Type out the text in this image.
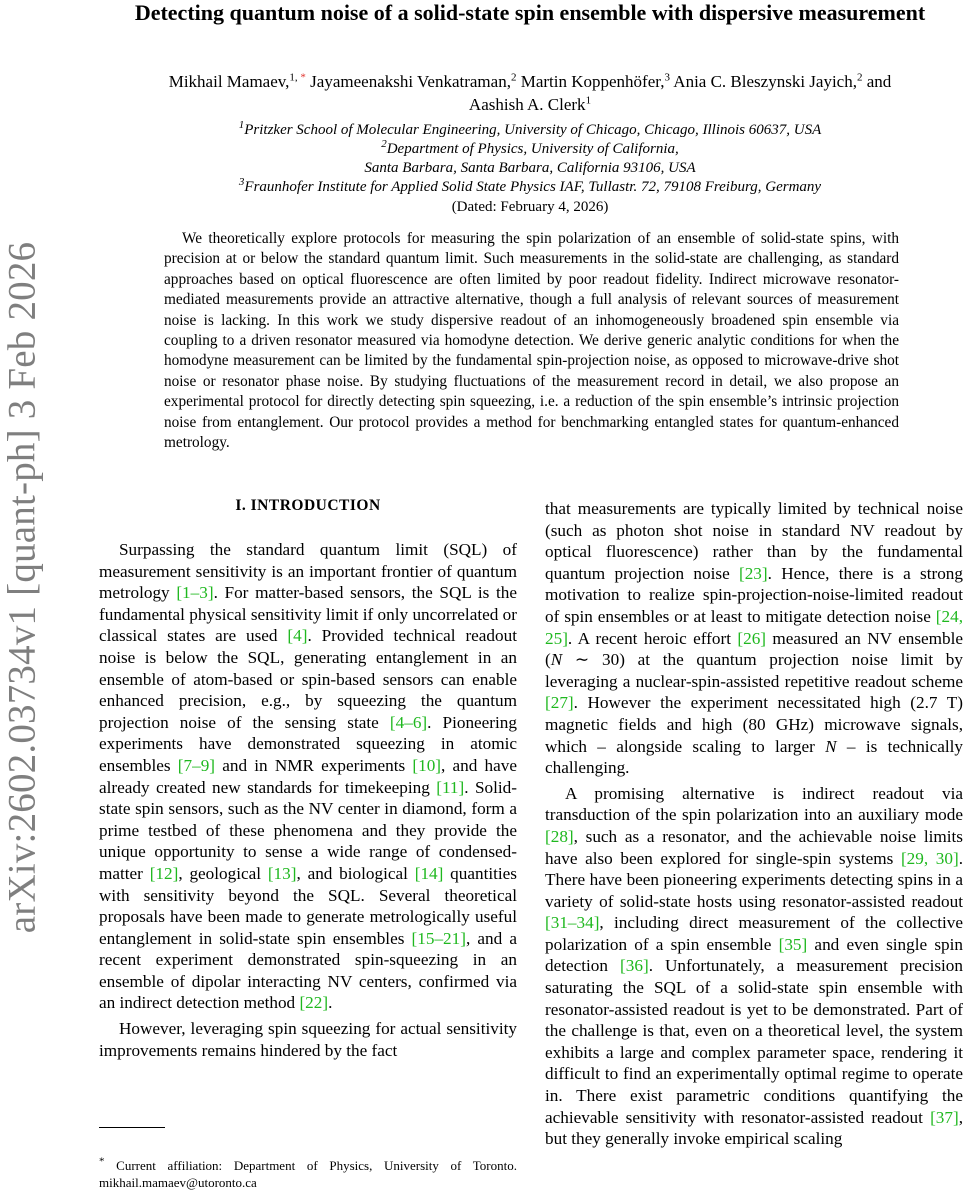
arXiv:2602.03734v1 [quant-ph] 3 Feb 2026
Detecting quantum noise of a solid-state spin ensemble with dispersive measurement
Mikhail Mamaev,$^{1,}$ * Jayameenakshi Venkatraman,$^2$ Martin Koppenhöfer,$^3$ Ania C. Bleszynski Jayich,$^2$ and Aashish A. Clerk$^1$
$^1$Pritzker School of Molecular Engineering, University of Chicago, Chicago, Illinois 60637, USA
$^2$Department of Physics, University of California,
Santa Barbara, Santa Barbara, California 93106, USA
$^3$Fraunhofer Institute for Applied Solid State Physics IAF, Tullastr. 72, 79108 Freiburg, Germany
(Dated: February 4, 2026)

We theoretically explore protocols for measuring the spin polarization of an ensemble of solid-state spins, with precision at or below the standard quantum limit. Such measurements in the solid-state are challenging, as standard approaches based on optical fluorescence are often limited by poor readout fidelity. Indirect microwave resonator-mediated measurements provide an attractive alternative, though a full analysis of relevant sources of measurement noise is lacking. In this work we study dispersive readout of an inhomogeneously broadened spin ensemble via coupling to a driven resonator measured via homodyne detection. We derive generic analytic conditions for when the homodyne measurement can be limited by the fundamental spin-projection noise, as opposed to microwave-drive shot noise or resonator phase noise. By studying fluctuations of the measurement record in detail, we also propose an experimental protocol for directly detecting spin squeezing, i.e. a reduction of the spin ensemble’s intrinsic projection noise from entanglement. Our protocol provides a method for benchmarking entangled states for quantum-enhanced metrology.

I. INTRODUCTION

Surpassing the standard quantum limit (SQL) of measurement sensitivity is an important frontier of quantum metrology [1–3]. For matter-based sensors, the SQL is the fundamental physical sensitivity limit if only uncorrelated or classical states are used [4]. Provided technical readout noise is below the SQL, generating entanglement in an ensemble of atom-based or spin-based sensors can enable enhanced precision, e.g., by squeezing the quantum projection noise of the sensing state [4–6]. Pioneering experiments have demonstrated squeezing in atomic ensembles [7–9] and in NMR experiments [10], and have already created new standards for timekeeping [11]. Solid-state spin sensors, such as the NV center in diamond, form a prime testbed of these phenomena and they provide the unique opportunity to sense a wide range of condensed-matter [12], geological [13], and biological [14] quantities with sensitivity beyond the SQL. Several theoretical proposals have been made to generate metrologically useful entanglement in solid-state spin ensembles [15–21], and a recent experiment demonstrated spin-squeezing in an ensemble of dipolar interacting NV centers, confirmed via an indirect detection method [22].

However, leveraging spin squeezing for actual sensitivity improvements remains hindered by the fact

that measurements are typically limited by technical noise (such as photon shot noise in standard NV readout by optical fluorescence) rather than by the fundamental quantum projection noise [23]. Hence, there is a strong motivation to realize spin-projection-noise-limited readout of spin ensembles or at least to mitigate detection noise [24, 25]. A recent heroic effort [26] measured an NV ensemble (N ∼ 30) at the quantum projection noise limit by leveraging a nuclear-spin-assisted repetitive readout scheme [27]. However the experiment necessitated high (2.7 T) magnetic fields and high (80 GHz) microwave signals, which – alongside scaling to larger N – is technically challenging.

A promising alternative is indirect readout via transduction of the spin polarization into an auxiliary mode [28], such as a resonator, and the achievable noise limits have also been explored for single-spin systems [29, 30]. There have been pioneering experiments detecting spins in a variety of solid-state hosts using resonator-assisted readout [31–34], including direct measurement of the collective polarization of a spin ensemble [35] and even single spin detection [36]. Unfortunately, a measurement precision saturating the SQL of a solid-state spin ensemble with resonator-assisted readout is yet to be demonstrated. Part of the challenge is that, even on a theoretical level, the system exhibits a large and complex parameter space, rendering it difficult to find an experimentally optimal regime to operate in. There exist parametric conditions quantifying the achievable sensitivity with resonator-assisted readout [37], but they generally invoke empirical scaling

* Current affiliation: Department of Physics, University of Toronto. mikhail.mamaev@utoronto.ca
